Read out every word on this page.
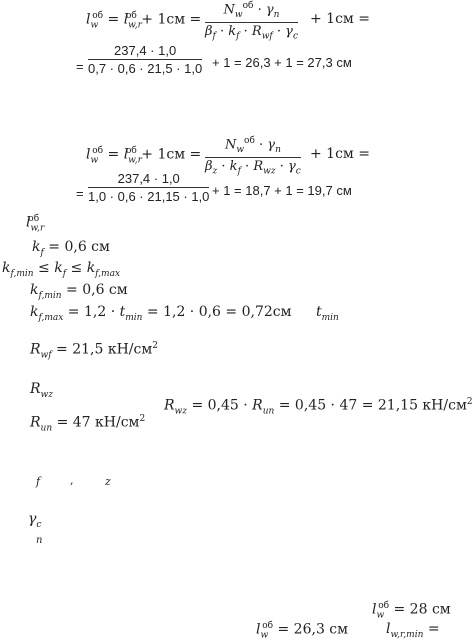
$l_w^{об} = l_{w,r}^{об} + 1см$ =
$N_w^{об} \cdot \gamma_n$
$\beta_f \cdot k_f \cdot R_{wf} \cdot \gamma_c$
+ 1см =
=
237,4 · 1,0
0,7 · 0,6 · 21,5 · 1,0 + 1 = 26,3 + 1 = 27,3 см
$l_w^{об} = l_{w,r}^{об} + 1см$ =
$N_w^{об} \cdot \gamma_n$
$\beta_z \cdot k_f \cdot R_{wz} \cdot \gamma_c$
+ 1см =
=
237,4 · 1,0
1,0 · 0,6 · 21,15 · 1,0 + 1 = 18,7 + 1 = 19,7 см
$l_{w,r}^{об}$
$k_f = 0,6$ см
$k_{f,min} \le k_f \le k_{f,max}$
$k_{f,min} = 0,6$ см
$k_{f,max} = 1,2 \cdot t_{min} = 1,2 \cdot 0,6 = 0,72см$ $t_{min}$
$R_{wf} = 21,5$ $кН/см^2$
$R_{wz}$
$R_{wz} = 0,45 \cdot R_{un} = 0,45 \cdot 47 = 21,15$ $кН/см^2$
$R_{un} = 47$ $кН/см^2$
f	,	z
$\gamma_c$
n
$l_w^{об} = 28$ см
$l_w^{об} = 26,3$ см	$l_{w,r,min}$ =
